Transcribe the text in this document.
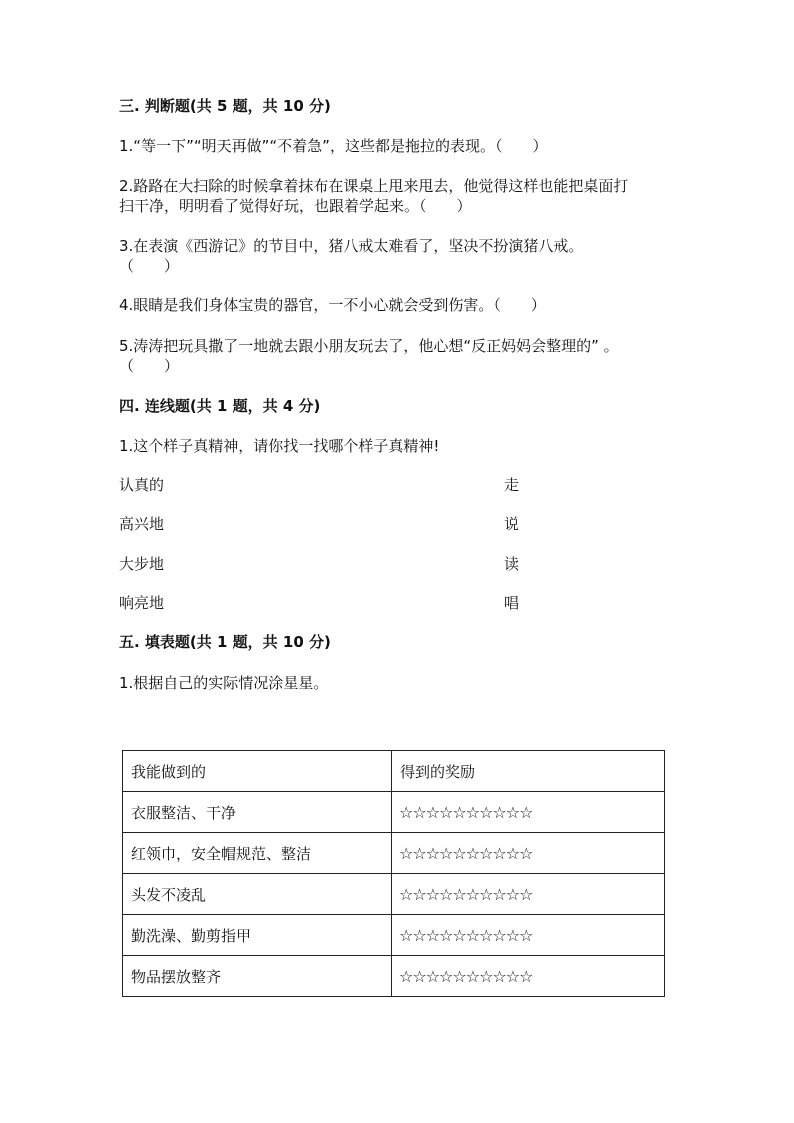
三. 判断题(共 5 题，共 10 分)
1.“等一下”“明天再做”“不着急”，这些都是拖拉的表现。（　　）
2.路路在大扫除的时候拿着抹布在课桌上甩来甩去，他觉得这样也能把桌面打
扫干净，明明看了觉得好玩，也跟着学起来。（　　）
3.在表演《西游记》的节目中，猪八戒太难看了，坚决不扮演猪八戒。
（　　）
4.眼睛是我们身体宝贵的器官，一不小心就会受到伤害。（　　）
5.涛涛把玩具撒了一地就去跟小朋友玩去了，他心想“反正妈妈会整理的” 。
（　　）
四. 连线题(共 1 题，共 4 分)
1.这个样子真精神，请你找一找哪个样子真精神!
认真的	走
高兴地	说
大步地	读
响亮地	唱
五. 填表题(共 1 题，共 10 分)
1.根据自己的实际情况涂星星。
我能做到的	得到的奖励
衣服整洁、干净	☆☆☆☆☆☆☆☆☆☆
红领巾，安全帽规范、整洁	☆☆☆☆☆☆☆☆☆☆
头发不凌乱	☆☆☆☆☆☆☆☆☆☆
勤洗澡、勤剪指甲	☆☆☆☆☆☆☆☆☆☆
物品摆放整齐	☆☆☆☆☆☆☆☆☆☆
